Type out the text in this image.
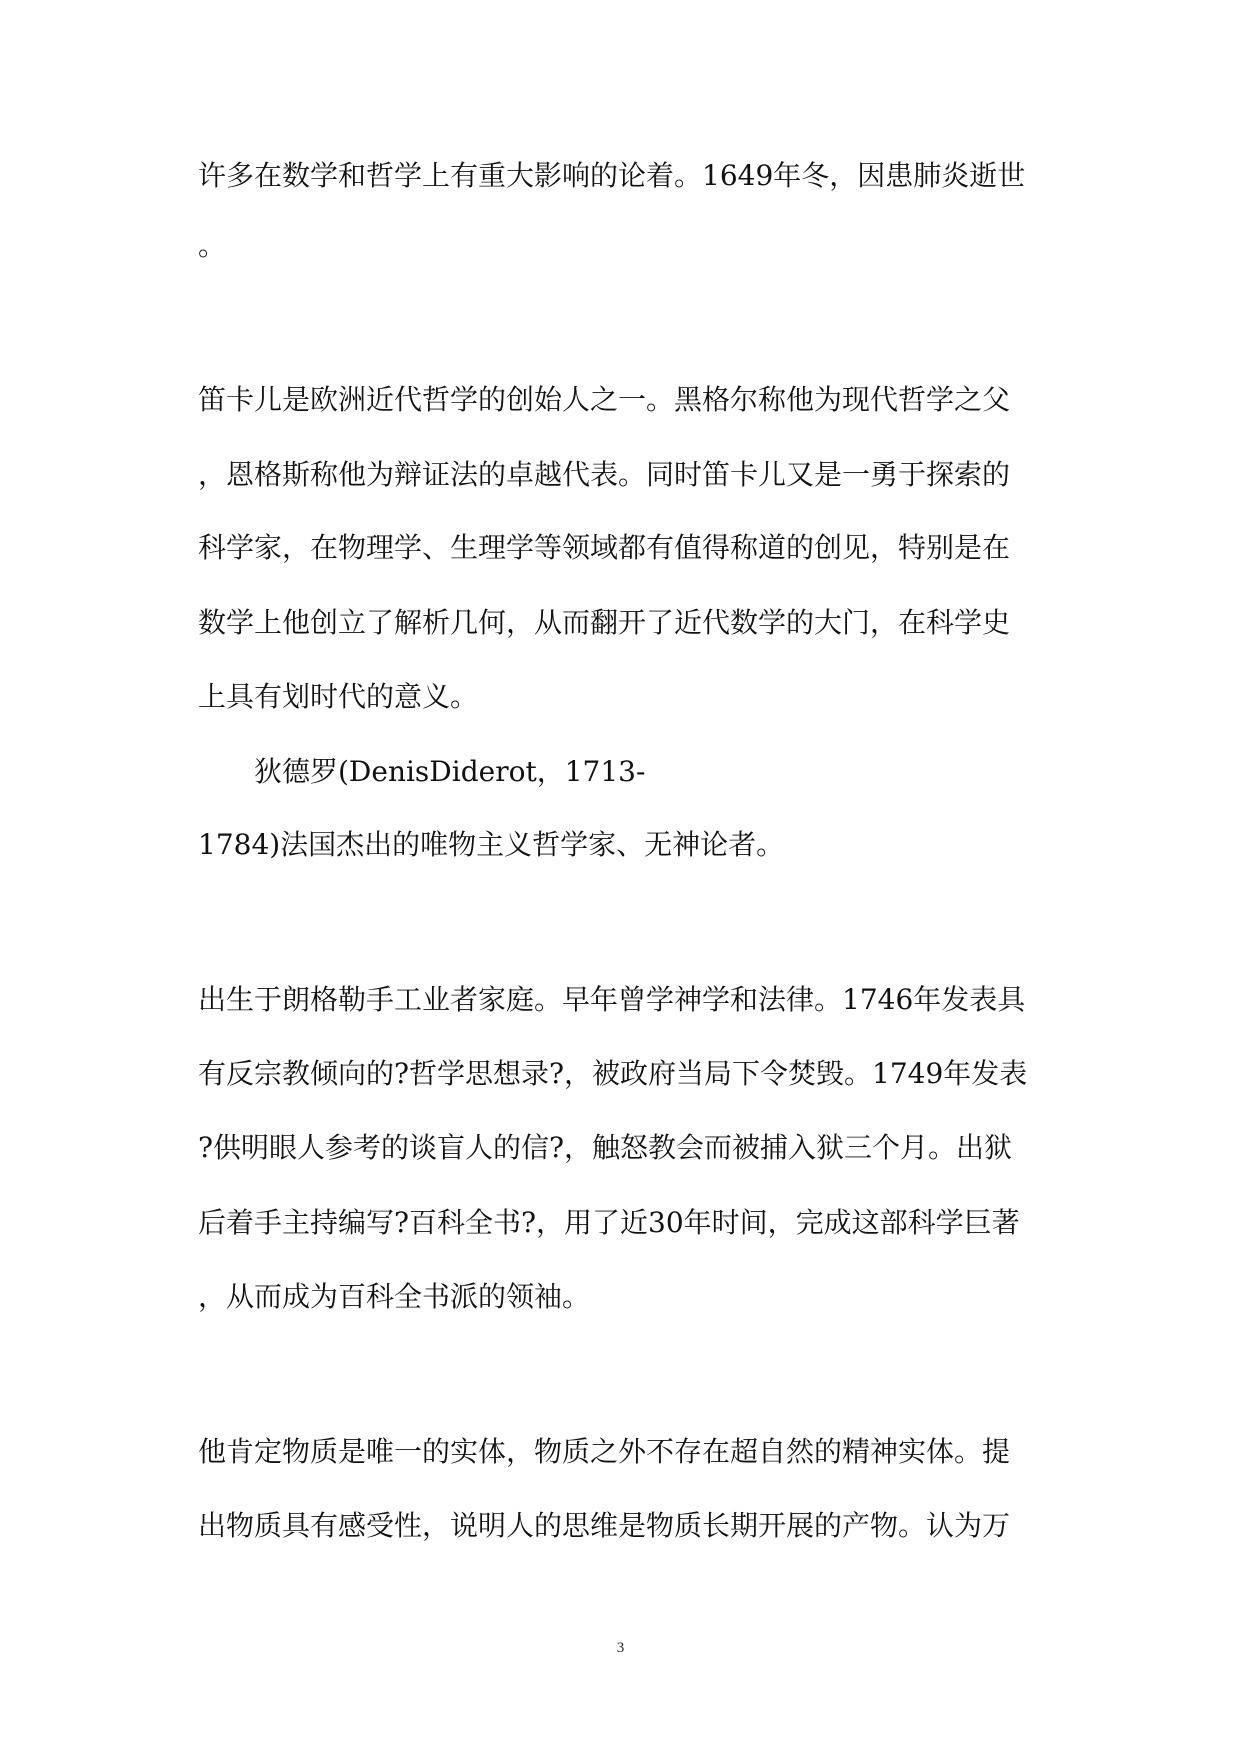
许多在数学和哲学上有重大影响的论着。1649年冬，因患肺炎逝世
。
笛卡儿是欧洲近代哲学的创始人之一。黑格尔称他为现代哲学之父
，恩格斯称他为辩证法的卓越代表。同时笛卡儿又是一勇于探索的
科学家，在物理学、生理学等领域都有值得称道的创见，特别是在
数学上他创立了解析几何，从而翻开了近代数学的大门，在科学史
上具有划时代的意义。
狄德罗(DenisDiderot，1713-
1784)法国杰出的唯物主义哲学家、无神论者。
出生于朗格勒手工业者家庭。早年曾学神学和法律。1746年发表具
有反宗教倾向的?哲学思想录?，被政府当局下令焚毁。1749年发表
?供明眼人参考的谈盲人的信?，触怒教会而被捕入狱三个月。出狱
后着手主持编写?百科全书?，用了近30年时间，完成这部科学巨著
，从而成为百科全书派的领袖。
他肯定物质是唯一的实体，物质之外不存在超自然的精神实体。提
出物质具有感受性，说明人的思维是物质长期开展的产物。认为万
3
